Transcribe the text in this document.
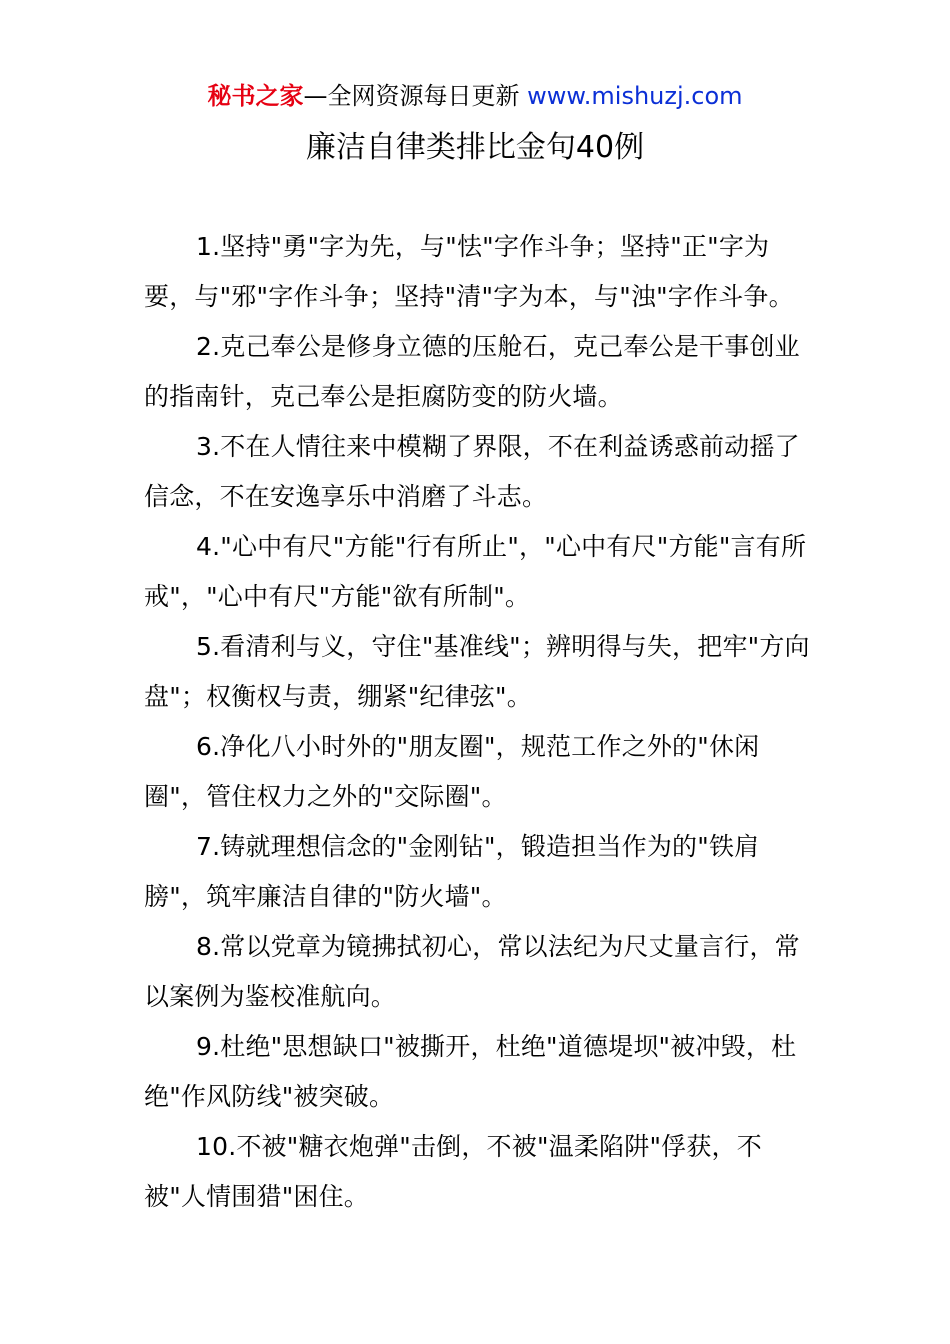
秘书之家—全网资源每日更新 www.mishuzj.com
廉洁自律类排比金句40例

1.坚持"勇"字为先，与"怯"字作斗争；坚持"正"字为要，与"邪"字作斗争；坚持"清"字为本，与"浊"字作斗争。

2.克己奉公是修身立德的压舱石，克己奉公是干事创业的指南针，克己奉公是拒腐防变的防火墙。

3.不在人情往来中模糊了界限，不在利益诱惑前动摇了信念，不在安逸享乐中消磨了斗志。

4."心中有尺"方能"行有所止"，"心中有尺"方能"言有所戒"，"心中有尺"方能"欲有所制"。

5.看清利与义，守住"基准线"；辨明得与失，把牢"方向盘"；权衡权与责，绷紧"纪律弦"。

6.净化八小时外的"朋友圈"，规范工作之外的"休闲圈"，管住权力之外的"交际圈"。

7.铸就理想信念的"金刚钻"，锻造担当作为的"铁肩膀"，筑牢廉洁自律的"防火墙"。

8.常以党章为镜拂拭初心，常以法纪为尺丈量言行，常以案例为鉴校准航向。

9.杜绝"思想缺口"被撕开，杜绝"道德堤坝"被冲毁，杜绝"作风防线"被突破。

10.不被"糖衣炮弹"击倒，不被"温柔陷阱"俘获，不被"人情围猎"困住。
